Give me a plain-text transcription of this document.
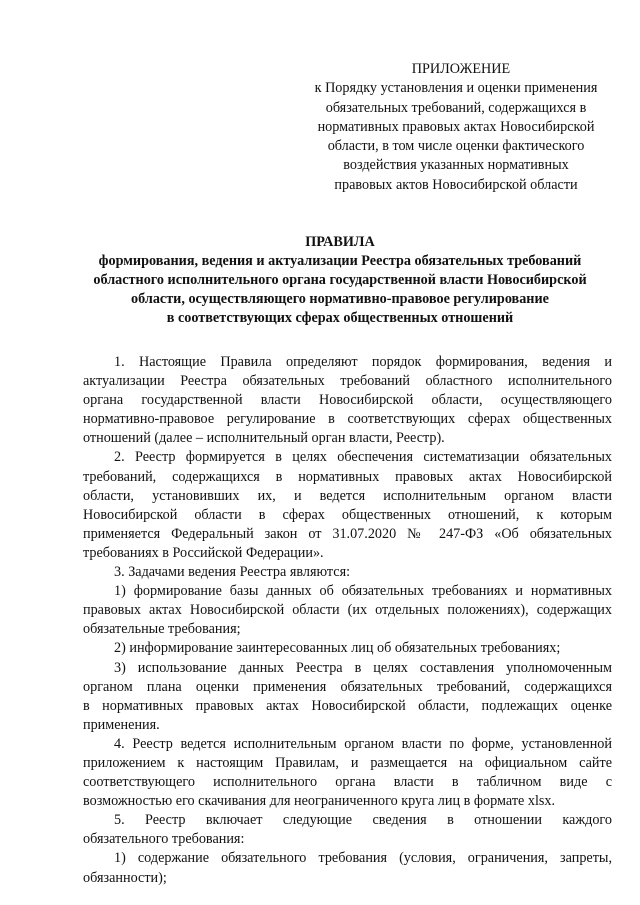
ПРИЛОЖЕНИЕ
к Порядку установления и оценки применения
обязательных требований, содержащихся в
нормативных правовых актах Новосибирской
области, в том числе оценки фактического
воздействия указанных нормативных
правовых актов Новосибирской области
ПРАВИЛА
формирования, ведения и актуализации Реестра обязательных требований
областного исполнительного органа государственной власти Новосибирской
области, осуществляющего нормативно-правовое регулирование
в соответствующих сферах общественных отношений
1. Настоящие Правила определяют порядок формирования, ведения и
актуализации Реестра обязательных требований областного исполнительного
органа государственной власти Новосибирской области, осуществляющего
нормативно-правовое регулирование в соответствующих сферах общественных
отношений (далее – исполнительный орган власти, Реестр).
2. Реестр формируется в целях обеспечения систематизации обязательных
требований, содержащихся в нормативных правовых актах Новосибирской
области, установивших их, и ведется исполнительным органом власти
Новосибирской области в сферах общественных отношений, к которым
применяется Федеральный закон от 31.07.2020 № 247-ФЗ «Об обязательных
требованиях в Российской Федерации».
3. Задачами ведения Реестра являются:
1) формирование базы данных об обязательных требованиях и нормативных
правовых актах Новосибирской области (их отдельных положениях), содержащих
обязательные требования;
2) информирование заинтересованных лиц об обязательных требованиях;
3) использование данных Реестра в целях составления уполномоченным
органом плана оценки применения обязательных требований, содержащихся
в нормативных правовых актах Новосибирской области, подлежащих оценке
применения.
4. Реестр ведется исполнительным органом власти по форме, установленной
приложением к настоящим Правилам, и размещается на официальном сайте
соответствующего исполнительного органа власти в табличном виде с
возможностью его скачивания для неограниченного круга лиц в формате xlsx.
5. Реестр включает следующие сведения в отношении каждого
обязательного требования:
1) содержание обязательного требования (условия, ограничения, запреты,
обязанности);
